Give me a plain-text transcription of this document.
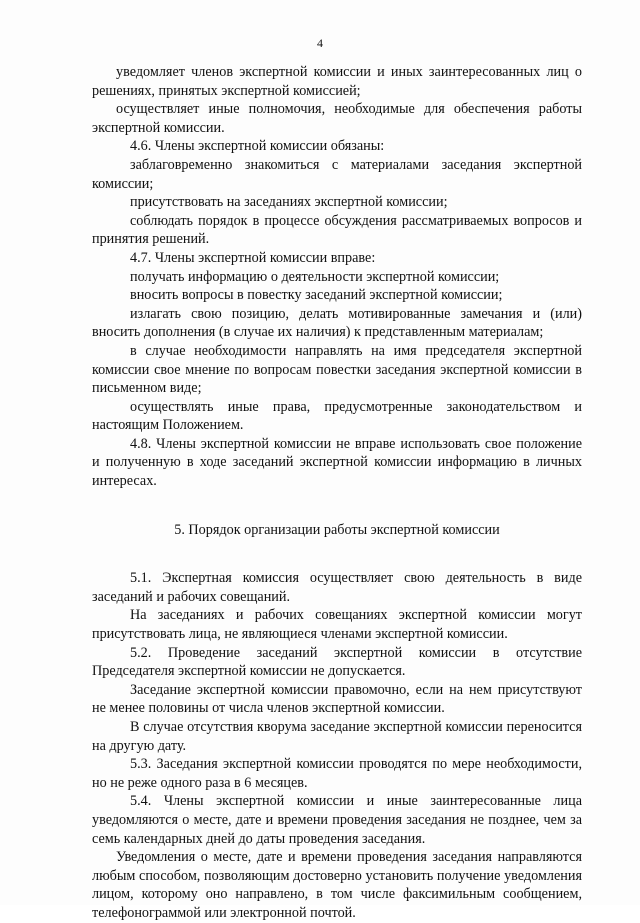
4

уведомляет членов экспертной комиссии и иных заинтересованных лиц о решениях, принятых экспертной комиссией;

осуществляет иные полномочия, необходимые для обеспечения работы экспертной комиссии.

4.6. Члены экспертной комиссии обязаны:

заблаговременно знакомиться с материалами заседания экспертной комиссии;

присутствовать на заседаниях экспертной комиссии;

соблюдать порядок в процессе обсуждения рассматриваемых вопросов и принятия решений.

4.7. Члены экспертной комиссии вправе:

получать информацию о деятельности экспертной комиссии;

вносить вопросы в повестку заседаний экспертной комиссии;

излагать свою позицию, делать мотивированные замечания и (или) вносить дополнения (в случае их наличия) к представленным материалам;

в случае необходимости направлять на имя председателя экспертной комиссии свое мнение по вопросам повестки заседания экспертной комиссии в письменном виде;

осуществлять иные права, предусмотренные законодательством и настоящим Положением.

4.8. Члены экспертной комиссии не вправе использовать свое положение и полученную в ходе заседаний экспертной комиссии информацию в личных интересах.

5. Порядок организации работы экспертной комиссии

5.1. Экспертная комиссия осуществляет свою деятельность в виде заседаний и рабочих совещаний.

На заседаниях и рабочих совещаниях экспертной комиссии могут присутствовать лица, не являющиеся членами экспертной комиссии.

5.2. Проведение заседаний экспертной комиссии в отсутствие Председателя экспертной комиссии не допускается.

Заседание экспертной комиссии правомочно, если на нем присутствуют не менее половины от числа членов экспертной комиссии.

В случае отсутствия кворума заседание экспертной комиссии переносится на другую дату.

5.3. Заседания экспертной комиссии проводятся по мере необходимости, но не реже одного раза в 6 месяцев.

5.4. Члены экспертной комиссии и иные заинтересованные лица уведомляются о месте, дате и времени проведения заседания не позднее, чем за семь календарных дней до даты проведения заседания.

Уведомления о месте, дате и времени проведения заседания направляются любым способом, позволяющим достоверно установить получение уведомления лицом, которому оно направлено, в том числе факсимильным сообщением, телефонограммой или электронной почтой.
